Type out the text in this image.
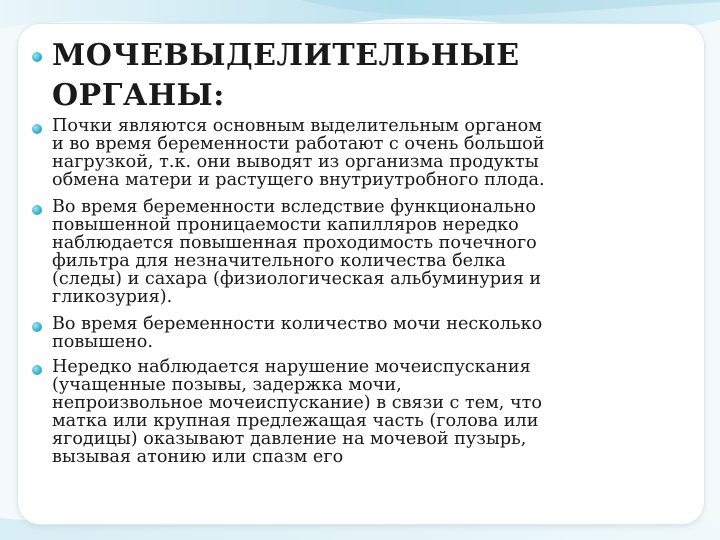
МОЧЕВЫДЕЛИТЕЛЬНЫЕ
ОРГАНЫ:

Почки являются основным выделительным органом
и во время беременности работают с очень большой
нагрузкой, т.к. они выводят из организма продукты
обмена матери и растущего внутриутробного плода.

Во время беременности вследствие функционально
повышенной проницаемости капилляров нередко
наблюдается повышенная проходимость почечного
фильтра для незначительного количества белка
(следы) и сахара (физиологическая альбуминурия и
гликозурия).

Во время беременности количество мочи несколько
повышено.

Нередко наблюдается нарушение мочеиспускания
(учащенные позывы, задержка мочи,
непроизвольное мочеиспускание) в связи с тем, что
матка или крупная предлежащая часть (голова или
ягодицы) оказывают давление на мочевой пузырь,
вызывая атонию или спазм его
